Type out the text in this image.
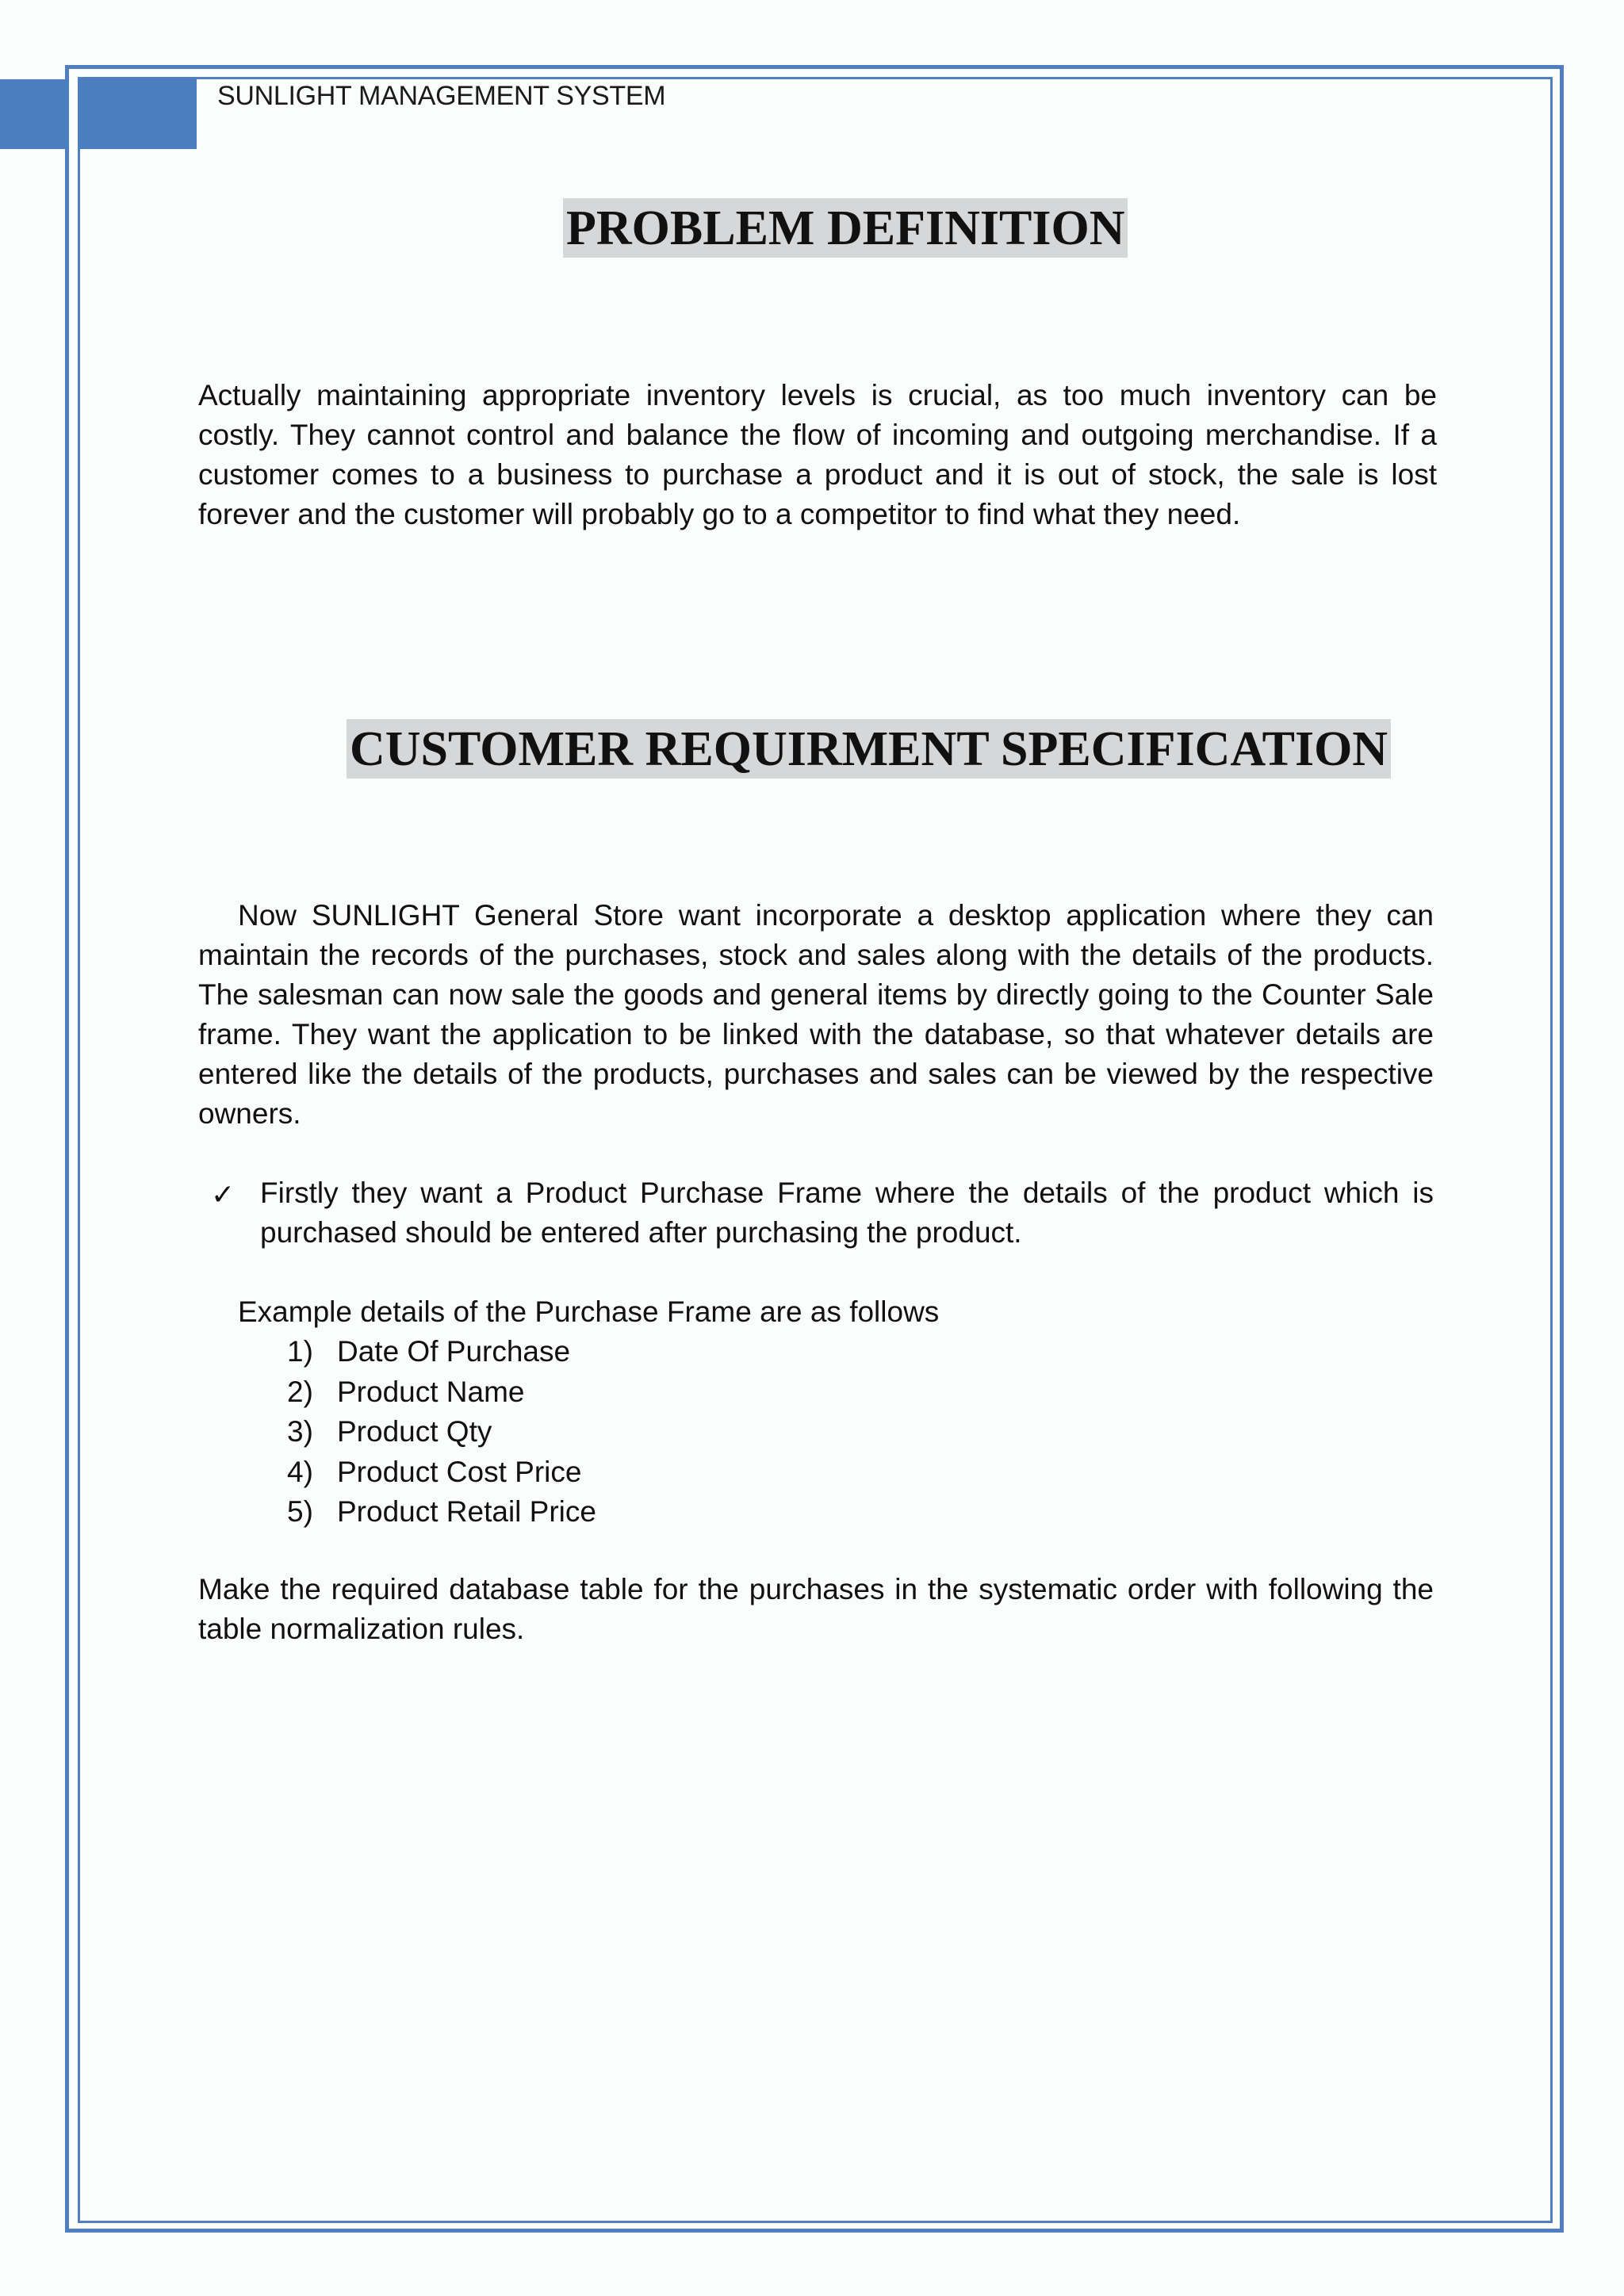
SUNLIGHT MANAGEMENT SYSTEM
PROBLEM DEFINITION
Actually maintaining appropriate inventory levels is crucial, as too much inventory can be costly. They cannot control and balance the flow of incoming and outgoing merchandise. If a customer comes to a business to purchase a product and it is out of stock, the sale is lost forever and the customer will probably go to a competitor to find what they need.
CUSTOMER REQUIRMENT SPECIFICATION
Now SUNLIGHT General Store want incorporate a desktop application where they can maintain the records of the purchases, stock and sales along with the details of the products. The salesman can now sale the goods and general items by directly going to the Counter Sale frame. They want the application to be linked with the database, so that whatever details are entered like the details of the products, purchases and sales can be viewed by the respective owners.
✓ Firstly they want a Product Purchase Frame where the details of the product which is purchased should be entered after purchasing the product.
Example details of the Purchase Frame are as follows
1) Date Of Purchase
2) Product Name
3) Product Qty
4) Product Cost Price
5) Product Retail Price
Make the required database table for the purchases in the systematic order with following the table normalization rules.
